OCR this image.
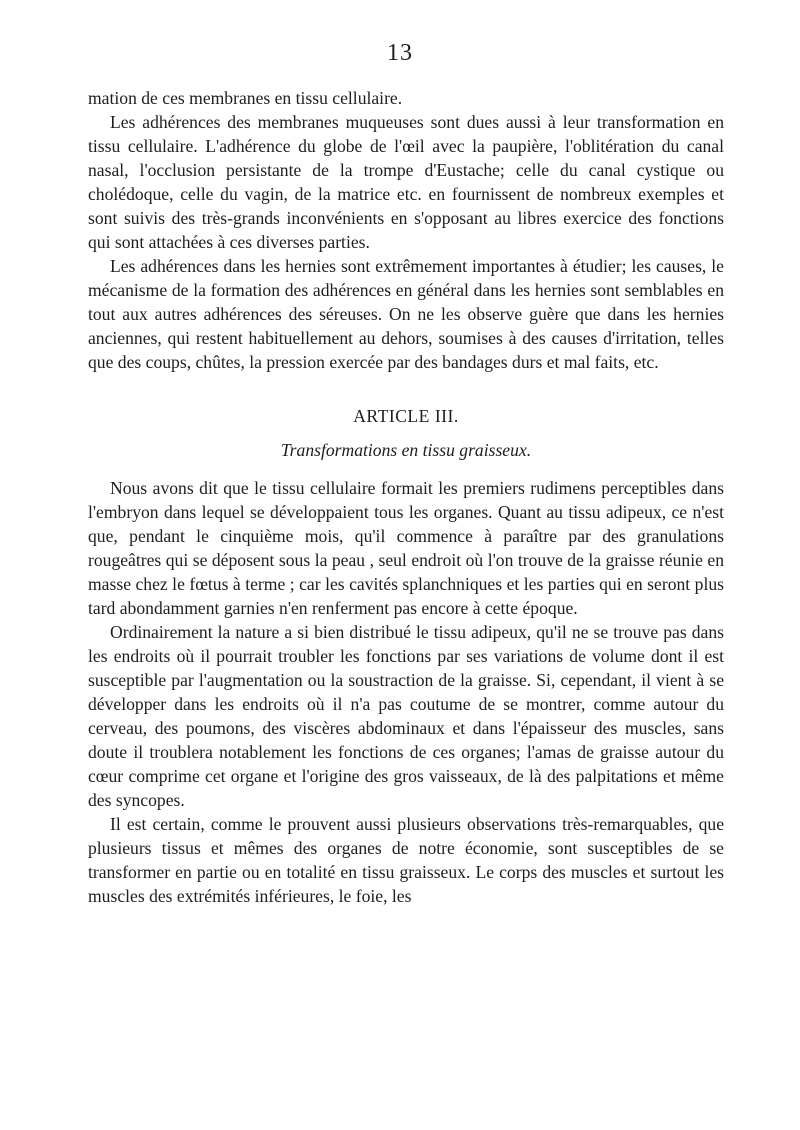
13

mation de ces membranes en tissu cellulaire.

Les adhérences des membranes muqueuses sont dues aussi à leur transformation en tissu cellulaire. L'adhérence du globe de l'œil avec la paupière, l'oblitération du canal nasal, l'occlusion persistante de la trompe d'Eustache; celle du canal cystique ou cholédoque, celle du vagin, de la matrice etc. en fournissent de nombreux exemples et sont suivis des très-grands inconvénients en s'opposant au libres exercice des fonctions qui sont attachées à ces diverses parties.

Les adhérences dans les hernies sont extrêmement importantes à étudier; les causes, le mécanisme de la formation des adhérences en général dans les hernies sont semblables en tout aux autres adhérences des séreuses. On ne les observe guère que dans les hernies anciennes, qui restent habituellement au dehors, soumises à des causes d'irritation, telles que des coups, chûtes, la pression exercée par des bandages durs et mal faits, etc.

ARTICLE III.
Transformations en tissu graisseux.

Nous avons dit que le tissu cellulaire formait les premiers rudimens perceptibles dans l'embryon dans lequel se développaient tous les organes. Quant au tissu adipeux, ce n'est que, pendant le cinquième mois, qu'il commence à paraître par des granulations rougeâtres qui se déposent sous la peau , seul endroit où l'on trouve de la graisse réunie en masse chez le fœtus à terme ; car les cavités splanchniques et les parties qui en seront plus tard abondamment garnies n'en renferment pas encore à cette époque.

Ordinairement la nature a si bien distribué le tissu adipeux, qu'il ne se trouve pas dans les endroits où il pourrait troubler les fonctions par ses variations de volume dont il est susceptible par l'augmentation ou la soustraction de la graisse. Si, cependant, il vient à se développer dans les endroits où il n'a pas coutume de se montrer, comme autour du cerveau, des poumons, des viscères abdominaux et dans l'épaisseur des muscles, sans doute il troublera notablement les fonctions de ces organes; l'amas de graisse autour du cœur comprime cet organe et l'origine des gros vaisseaux, de là des palpitations et même des syncopes.

Il est certain, comme le prouvent aussi plusieurs observations très-remarquables, que plusieurs tissus et mêmes des organes de notre économie, sont susceptibles de se transformer en partie ou en totalité en tissu graisseux. Le corps des muscles et surtout les muscles des extrémités inférieures, le foie, les
